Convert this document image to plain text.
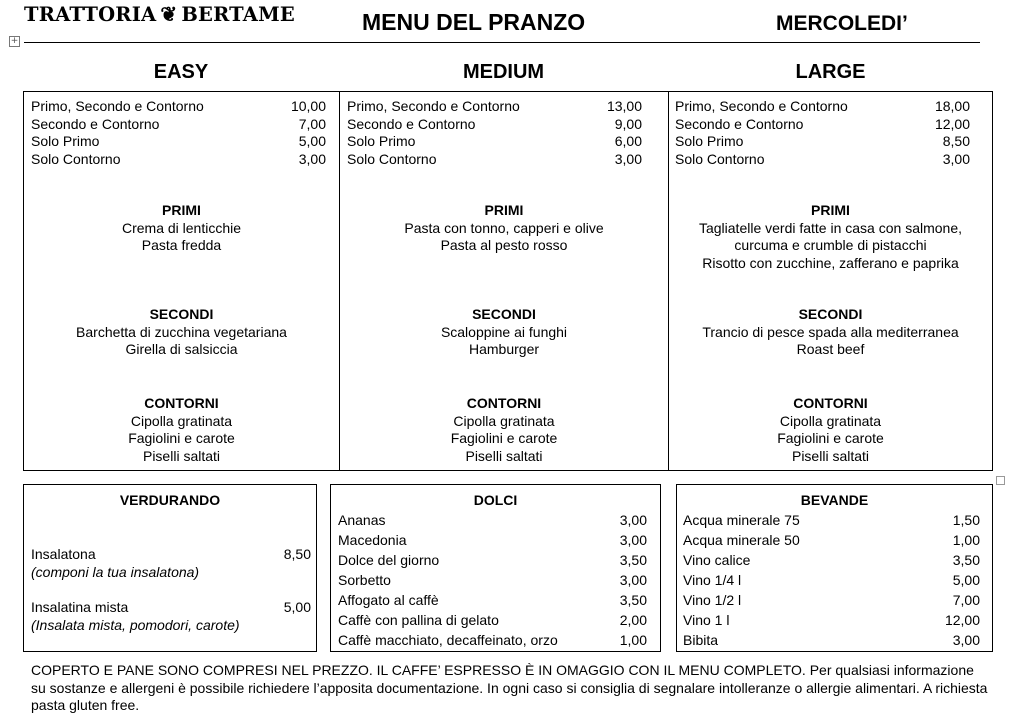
TRATTORIA ❦ BERTAME	MENU DEL PRANZO	MERCOLEDI’
+
EASY	MEDIUM	LARGE
Primo, Secondo e Contorno	10,00
Secondo e Contorno	7,00
Solo Primo	5,00
Solo Contorno	3,00
PRIMI
Crema di lenticchie
Pasta fredda
SECONDI
Barchetta di zucchina vegetariana
Girella di salsiccia
CONTORNI
Cipolla gratinata
Fagiolini e carote
Piselli saltati
Primo, Secondo e Contorno	13,00
Secondo e Contorno	9,00
Solo Primo	6,00
Solo Contorno	3,00
PRIMI
Pasta con tonno, capperi e olive
Pasta al pesto rosso
SECONDI
Scaloppine ai funghi
Hamburger
CONTORNI
Cipolla gratinata
Fagiolini e carote
Piselli saltati
Primo, Secondo e Contorno	18,00
Secondo e Contorno	12,00
Solo Primo	8,50
Solo Contorno	3,00
PRIMI
Tagliatelle verdi fatte in casa con salmone,
curcuma e crumble di pistacchi
Risotto con zucchine, zafferano e paprika
SECONDI
Trancio di pesce spada alla mediterranea
Roast beef
CONTORNI
Cipolla gratinata
Fagiolini e carote
Piselli saltati
VERDURANDO
Insalatona	8,50
(componi la tua insalatona)
Insalatina mista	5,00
(Insalata mista, pomodori, carote)
DOLCI
Ananas	3,00
Macedonia	3,00
Dolce del giorno	3,50
Sorbetto	3,00
Affogato al caffè	3,50
Caffè con pallina di gelato	2,00
Caffè macchiato, decaffeinato, orzo	1,00
BEVANDE
Acqua minerale 75	1,50
Acqua minerale 50	1,00
Vino calice	3,50
Vino 1/4 l	5,00
Vino 1/2 l	7,00
Vino 1 l	12,00
Bibita	3,00
COPERTO E PANE SONO COMPRESI NEL PREZZO. IL CAFFE’ ESPRESSO È IN OMAGGIO CON IL MENU COMPLETO. Per qualsiasi informazione su sostanze e allergeni è possibile richiedere l’apposita documentazione. In ogni caso si consiglia di segnalare intolleranze o allergie alimentari. A richiesta pasta gluten free.
